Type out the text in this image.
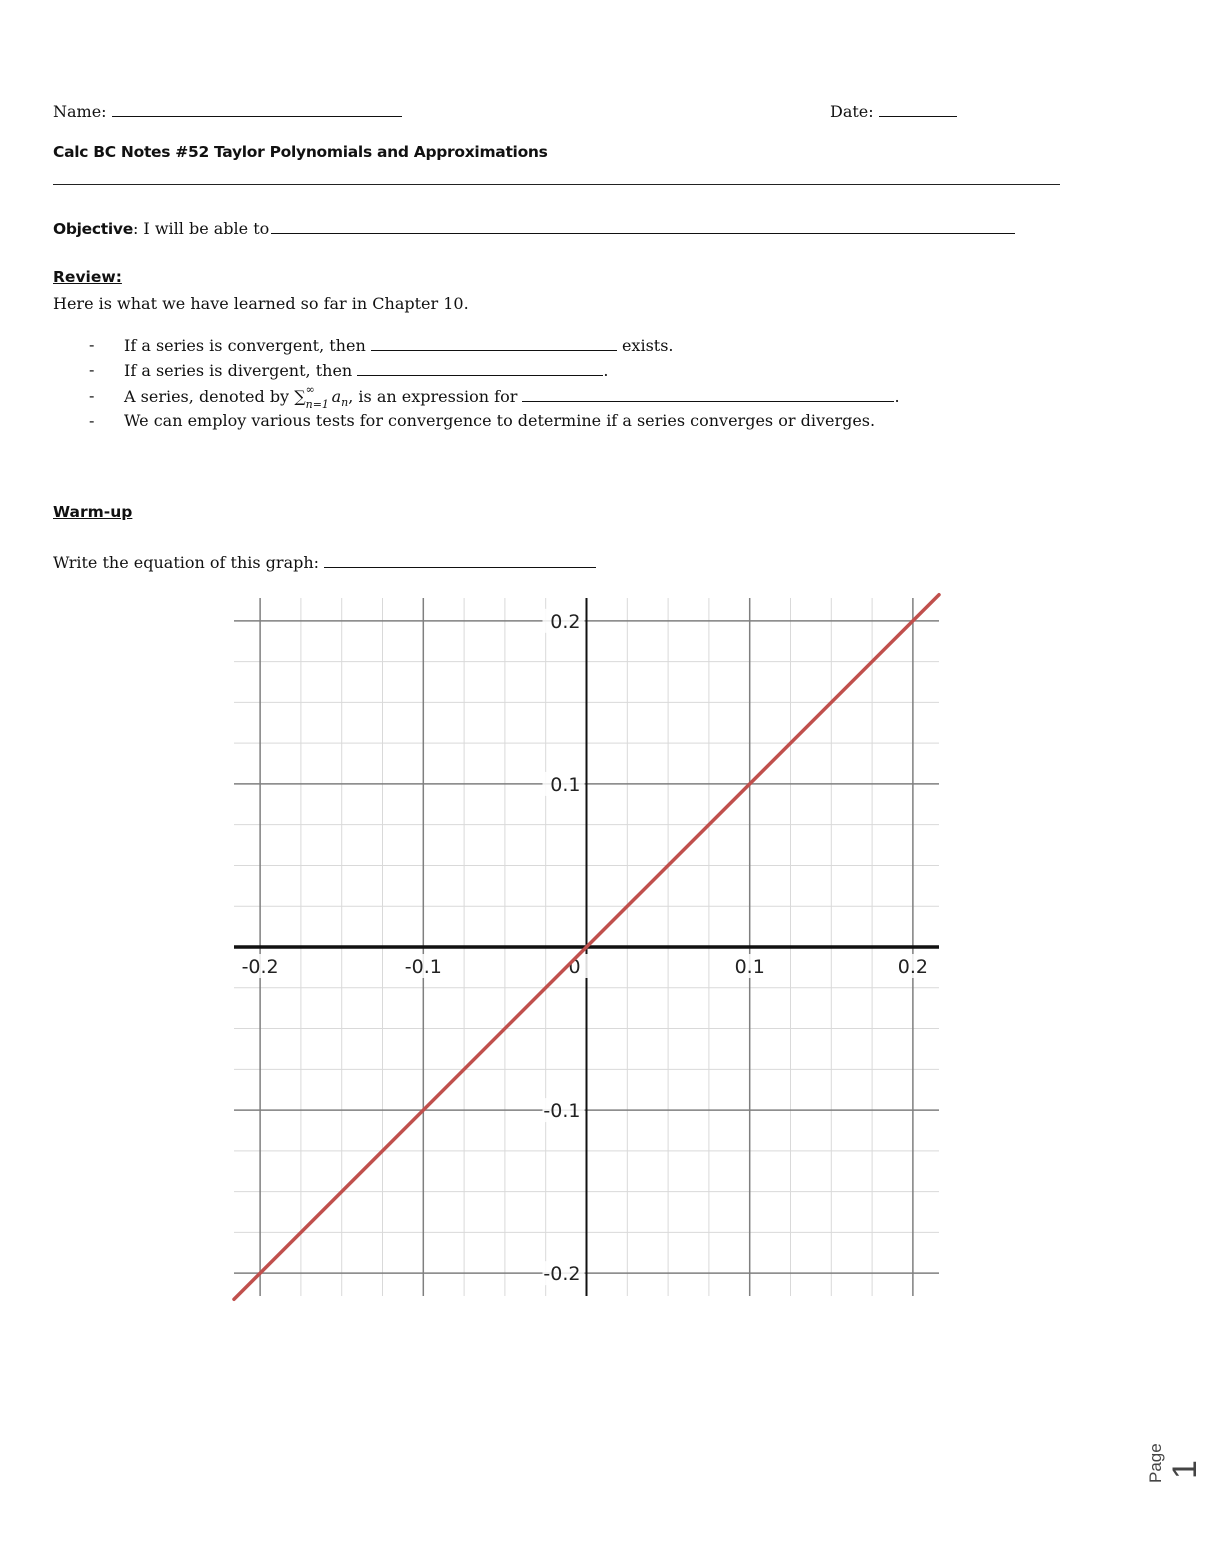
Name:	Date:
Calc BC Notes #52 Taylor Polynomials and Approximations
Objective: I will be able to
Review:
Here is what we have learned so far in Chapter 10.
- If a series is convergent, then	exists.
- If a series is divergent, then	.
- A series, denoted by ∑ ∞
n=1 $a_n$, is an expression for	.
- We can employ various tests for convergence to determine if a series converges or diverges.
Warm-up
Write the equation of this graph:
-0.2	-0.1	0	0.1	0.2
0.2
0.1
-0.1
-0.2
Page 1
